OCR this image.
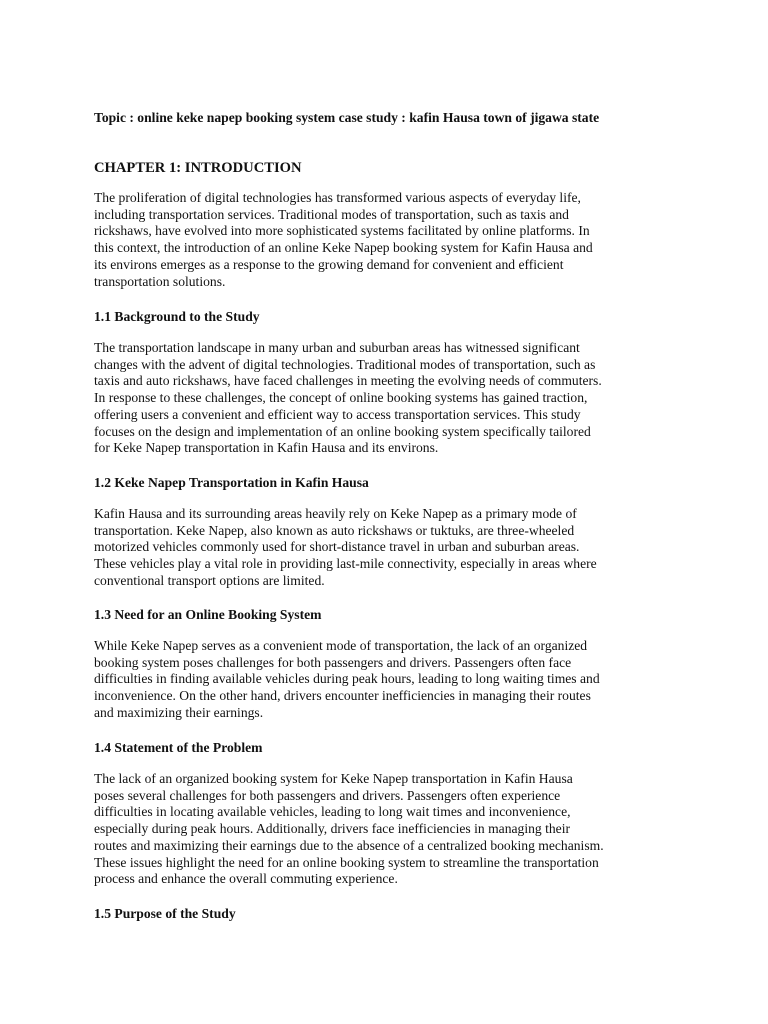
Topic : online keke napep booking system case study : kafin Hausa town of jigawa state
CHAPTER 1: INTRODUCTION

The proliferation of digital technologies has transformed various aspects of everyday life,
including transportation services. Traditional modes of transportation, such as taxis and
rickshaws, have evolved into more sophisticated systems facilitated by online platforms. In
this context, the introduction of an online Keke Napep booking system for Kafin Hausa and
its environs emerges as a response to the growing demand for convenient and efficient
transportation solutions.

1.1 Background to the Study

The transportation landscape in many urban and suburban areas has witnessed significant
changes with the advent of digital technologies. Traditional modes of transportation, such as
taxis and auto rickshaws, have faced challenges in meeting the evolving needs of commuters.
In response to these challenges, the concept of online booking systems has gained traction,
offering users a convenient and efficient way to access transportation services. This study
focuses on the design and implementation of an online booking system specifically tailored
for Keke Napep transportation in Kafin Hausa and its environs.

1.2 Keke Napep Transportation in Kafin Hausa

Kafin Hausa and its surrounding areas heavily rely on Keke Napep as a primary mode of
transportation. Keke Napep, also known as auto rickshaws or tuktuks, are three-wheeled
motorized vehicles commonly used for short-distance travel in urban and suburban areas.
These vehicles play a vital role in providing last-mile connectivity, especially in areas where
conventional transport options are limited.

1.3 Need for an Online Booking System

While Keke Napep serves as a convenient mode of transportation, the lack of an organized
booking system poses challenges for both passengers and drivers. Passengers often face
difficulties in finding available vehicles during peak hours, leading to long waiting times and
inconvenience. On the other hand, drivers encounter inefficiencies in managing their routes
and maximizing their earnings.

1.4 Statement of the Problem

The lack of an organized booking system for Keke Napep transportation in Kafin Hausa
poses several challenges for both passengers and drivers. Passengers often experience
difficulties in locating available vehicles, leading to long wait times and inconvenience,
especially during peak hours. Additionally, drivers face inefficiencies in managing their
routes and maximizing their earnings due to the absence of a centralized booking mechanism.
These issues highlight the need for an online booking system to streamline the transportation
process and enhance the overall commuting experience.

1.5 Purpose of the Study
